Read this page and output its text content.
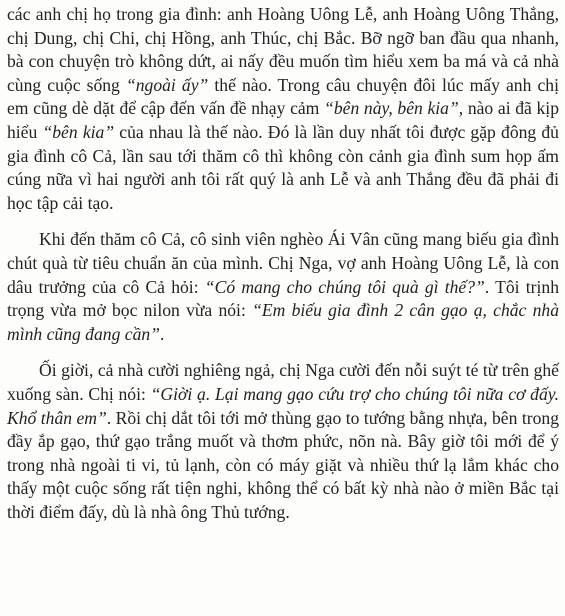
các anh chị họ trong gia đình: anh Hoàng Uông Lễ, anh Hoàng Uông Thắng, chị Dung, chị Chi, chị Hồng, anh Thúc, chị Bắc. Bỡ ngỡ ban đầu qua nhanh, bà con chuyện trò không dứt, ai nấy đều muốn tìm hiểu xem ba má và cả nhà cùng cuộc sống “ngoài ấy” thế nào. Trong câu chuyện đôi lúc mấy anh chị em cũng dè dặt để cập đến vấn đề nhạy cảm “bên này, bên kia”, nào ai đã kịp hiểu “bên kia” của nhau là thế nào. Đó là lần duy nhất tôi được gặp đông đủ gia đình cô Cả, lần sau tới thăm cô thì không còn cảnh gia đình sum họp ấm cúng nữa vì hai người anh tôi rất quý là anh Lễ và anh Thắng đều đã phải đi học tập cải tạo.

Khi đến thăm cô Cả, cô sinh viên nghèo Ái Vân cũng mang biếu gia đình chút quà từ tiêu chuẩn ăn của mình. Chị Nga, vợ anh Hoàng Uông Lễ, là con dâu trưởng của cô Cả hỏi: “Có mang cho chúng tôi quà gì thế?”. Tôi trịnh trọng vừa mở bọc nilon vừa nói: “Em biếu gia đình 2 cân gạo ạ, chắc nhà mình cũng đang cần”.

Ối giời, cả nhà cười nghiêng ngả, chị Nga cười đến nỗi suýt té từ trên ghế xuống sàn. Chị nói: “Giời ạ. Lại mang gạo cứu trợ cho chúng tôi nữa cơ đấy. Khổ thân em”. Rồi chị dắt tôi tới mở thùng gạo to tướng bằng nhựa, bên trong đầy ắp gạo, thứ gạo trắng muốt và thơm phức, nõn nà. Bây giờ tôi mới để ý trong nhà ngoài ti vi, tủ lạnh, còn có máy giặt và nhiều thứ lạ lắm khác cho thấy một cuộc sống rất tiện nghi, không thể có bất kỳ nhà nào ở miền Bắc tại thời điểm đấy, dù là nhà ông Thủ tướng.
